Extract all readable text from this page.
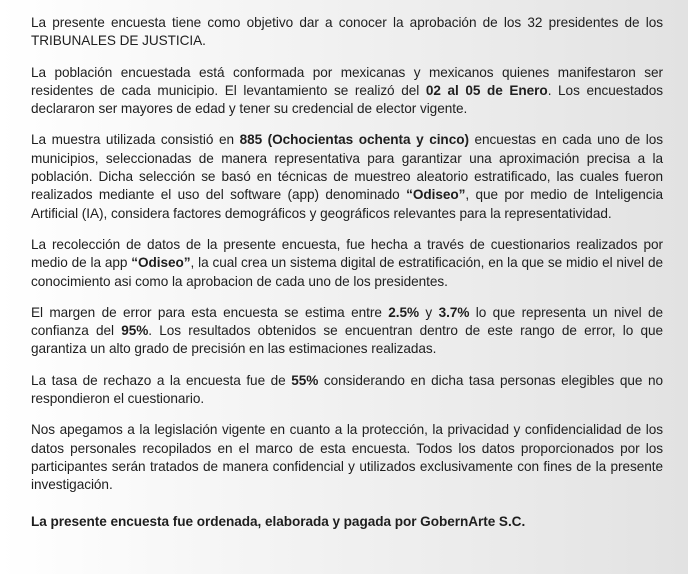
La presente encuesta tiene como objetivo dar a conocer la aprobación de los 32 presidentes de los TRIBUNALES DE JUSTICIA.

La población encuestada está conformada por mexicanas y mexicanos quienes manifestaron ser residentes de cada municipio. El levantamiento se realizó del 02 al 05 de Enero. Los encuestados declararon ser mayores de edad y tener su credencial de elector vigente.

La muestra utilizada consistió en 885 (Ochocientas ochenta y cinco) encuestas en cada uno de los municipios, seleccionadas de manera representativa para garantizar una aproximación precisa a la población. Dicha selección se basó en técnicas de muestreo aleatorio estratificado, las cuales fueron realizados mediante el uso del software (app) denominado “Odiseo”, que por medio de Inteligencia Artificial (IA), considera factores demográficos y geográficos relevantes para la representatividad.

La recolección de datos de la presente encuesta, fue hecha a través de cuestionarios realizados por medio de la app “Odiseo”, la cual crea un sistema digital de estratificación, en la que se midio el nivel de conocimiento asi como la aprobacion de cada uno de los presidentes.

El margen de error para esta encuesta se estima entre 2.5% y 3.7% lo que representa un nivel de confianza del 95%. Los resultados obtenidos se encuentran dentro de este rango de error, lo que garantiza un alto grado de precisión en las estimaciones realizadas.

La tasa de rechazo a la encuesta fue de 55% considerando en dicha tasa personas elegibles que no respondieron el cuestionario.

Nos apegamos a la legislación vigente en cuanto a la protección, la privacidad y confidencialidad de los datos personales recopilados en el marco de esta encuesta. Todos los datos proporcionados por los participantes serán tratados de manera confidencial y utilizados exclusivamente con fines de la presente investigación.

La presente encuesta fue ordenada, elaborada y pagada por GobernArte S.C.
